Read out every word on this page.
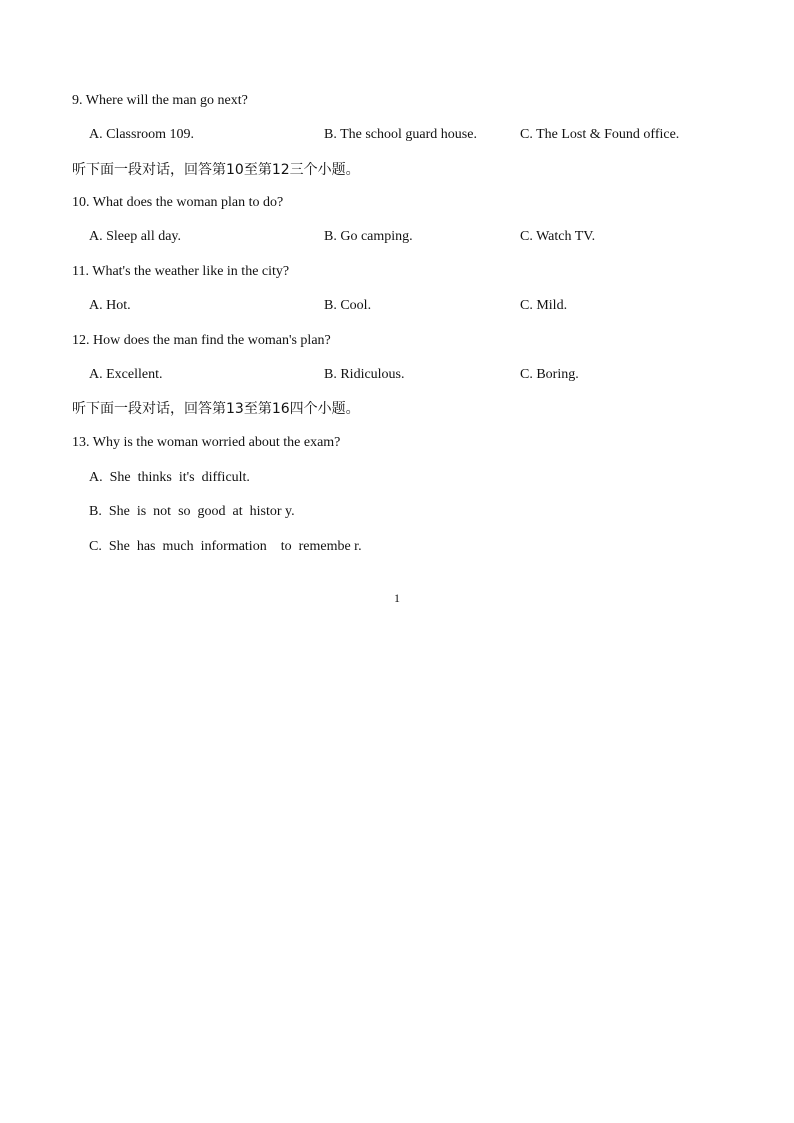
9. Where will the man go next?
A. Classroom 109.	B. The school guard house.	C. The Lost & Found office.
听下面一段对话，回答第10至第12三个小题。
10. What does the woman plan to do?
A. Sleep all day.	B. Go camping.	C. Watch TV.
11. What's the weather like in the city?
A. Hot.	B. Cool.	C. Mild.
12. How does the man find the woman's plan?
A. Excellent.	B. Ridiculous.	C. Boring.
听下面一段对话，回答第13至第16四个小题。
13. Why is the woman worried about the exam?
A.  She  thinks  it's  difficult.
B.  She  is  not  so  good  at  histor y.
C.  She  has  much  information    to  remembe r.
1
